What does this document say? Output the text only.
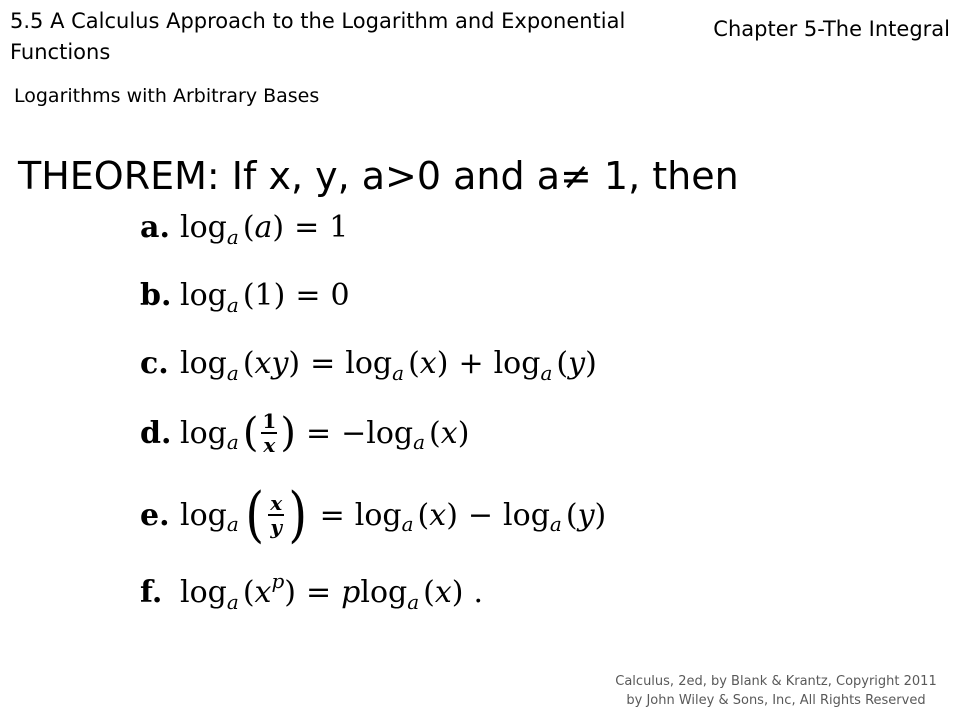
5.5 A Calculus Approach to the Logarithm and Exponential Functions
Chapter 5-The Integral
Logarithms with Arbitrary Bases
THEOREM: If x, y, a>0 and a≠ 1, then
a. log a ( a ) = 1
b. log a ( 1 ) = 0
c. log a ( xy ) = log a ( x ) + log a ( y )
d. log a ( $\frac{1}{x}$ ) = − log a ( x )
e. log a ( $\frac{x}{y}$ ) = log a ( x ) − log a ( y )
f. log a ( x p ) = p log a ( x ) .
Calculus, 2ed, by Blank & Krantz, Copyright 2011
by John Wiley & Sons, Inc, All Rights Reserved
